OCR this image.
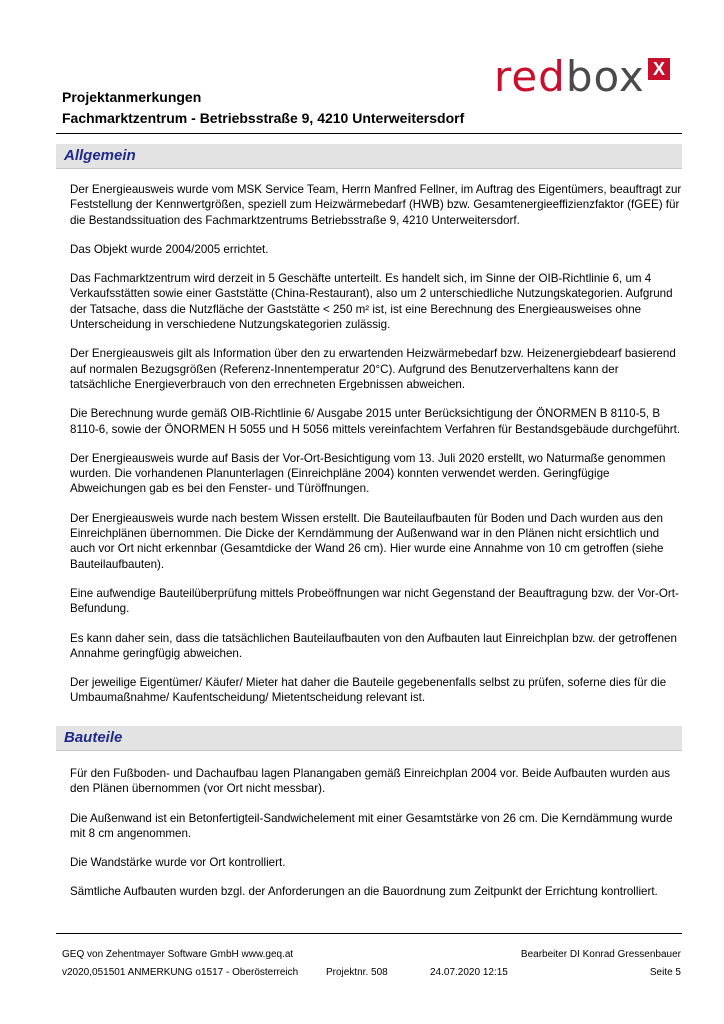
redbox X
Projektanmerkungen
Fachmarktzentrum - Betriebsstraße 9, 4210 Unterweitersdorf
Allgemein

Der Energieausweis wurde vom MSK Service Team, Herrn Manfred Fellner, im Auftrag des Eigentümers, beauftragt zur Feststellung der Kennwertgrößen, speziell zum Heizwärmebedarf (HWB) bzw. Gesamtenergieeffizienzfaktor (fGEE) für die Bestandssituation des Fachmarktzentrums Betriebsstraße 9, 4210 Unterweitersdorf.

Das Objekt wurde 2004/2005 errichtet.

Das Fachmarktzentrum wird derzeit in 5 Geschäfte unterteilt. Es handelt sich, im Sinne der OIB-Richtlinie 6, um 4 Verkaufsstätten sowie einer Gaststätte (China-Restaurant), also um 2 unterschiedliche Nutzungskategorien. Aufgrund der Tatsache, dass die Nutzfläche der Gaststätte < 250 m² ist, ist eine Berechnung des Energieausweises ohne Unterscheidung in verschiedene Nutzungskategorien zulässig.

Der Energieausweis gilt als Information über den zu erwartenden Heizwärmebedarf bzw. Heizenergiebdearf basierend auf normalen Bezugsgrößen (Referenz-Innentemperatur 20°C). Aufgrund des Benutzerverhaltens kann der tatsächliche Energieverbrauch von den errechneten Ergebnissen abweichen.

Die Berechnung wurde gemäß OIB-Richtlinie 6/ Ausgabe 2015 unter Berücksichtigung der ÖNORMEN B 8110-5, B 8110-6, sowie der ÖNORMEN H 5055 und H 5056 mittels vereinfachtem Verfahren für Bestandsgebäude durchgeführt.

Der Energieausweis wurde auf Basis der Vor-Ort-Besichtigung vom 13. Juli 2020 erstellt, wo Naturmaße genommen wurden. Die vorhandenen Planunterlagen (Einreichpläne 2004) konnten verwendet werden. Geringfügige Abweichungen gab es bei den Fenster- und Türöffnungen.

Der Energieausweis wurde nach bestem Wissen erstellt. Die Bauteilaufbauten für Boden und Dach wurden aus den Einreichplänen übernommen. Die Dicke der Kerndämmung der Außenwand war in den Plänen nicht ersichtlich und auch vor Ort nicht erkennbar (Gesamtdicke der Wand 26 cm). Hier wurde eine Annahme von 10 cm getroffen (siehe Bauteilaufbauten).

Eine aufwendige Bauteilüberprüfung mittels Probeöffnungen war nicht Gegenstand der Beauftragung bzw. der Vor-Ort-Befundung.

Es kann daher sein, dass die tatsächlichen Bauteilaufbauten von den Aufbauten laut Einreichplan bzw. der getroffenen Annahme geringfügig abweichen.

Der jeweilige Eigentümer/ Käufer/ Mieter hat daher die Bauteile gegebenenfalls selbst zu prüfen, soferne dies für die Umbaumaßnahme/ Kaufentscheidung/ Mietentscheidung relevant ist.

Bauteile

Für den Fußboden- und Dachaufbau lagen Planangaben gemäß Einreichplan 2004 vor. Beide Aufbauten wurden aus den Plänen übernommen (vor Ort nicht messbar).

Die Außenwand ist ein Betonfertigteil-Sandwichelement mit einer Gesamtstärke von 26 cm. Die Kerndämmung wurde mit 8 cm angenommen.

Die Wandstärke wurde vor Ort kontrolliert.

Sämtliche Aufbauten wurden bzgl. der Anforderungen an die Bauordnung zum Zeitpunkt der Errichtung kontrolliert.

GEQ von Zehentmayer Software GmbH www.geq.at
v2020,051501 ANMERKUNG o1517 - Oberösterreich	Projektnr. 508	24.07.2020 12:15
Bearbeiter DI Konrad Gressenbauer
Seite 5
